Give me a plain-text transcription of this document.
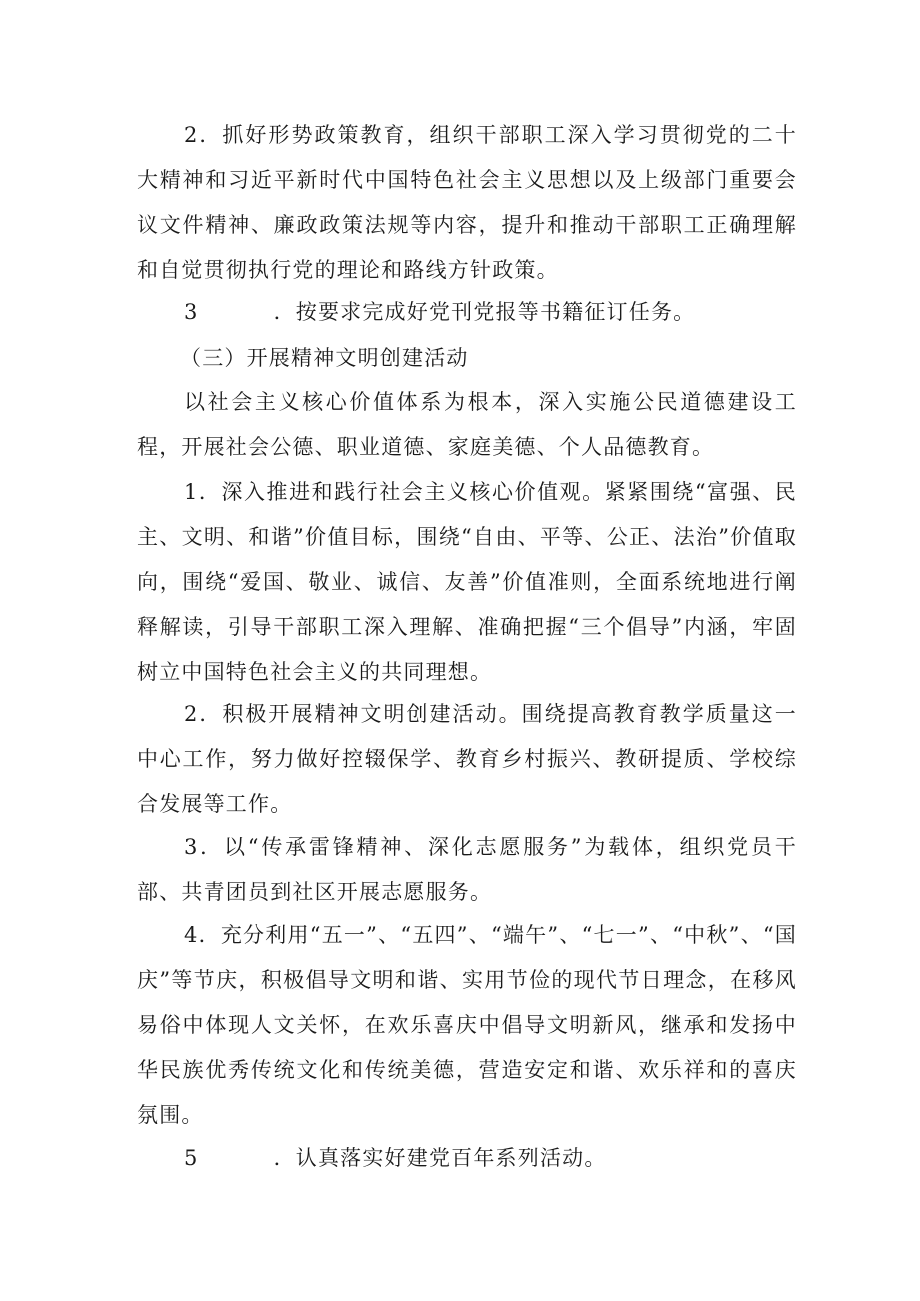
2．抓好形势政策教育，组织干部职工深入学习贯彻党的二十大精神和习近平新时代中国特色社会主义思想以及上级部门重要会议文件精神、廉政政策法规等内容，提升和推动干部职工正确理解和自觉贯彻执行党的理论和路线方针政策。

3	．按要求完成好党刊党报等书籍征订任务。

（三）开展精神文明创建活动

以社会主义核心价值体系为根本，深入实施公民道德建设工程，开展社会公德、职业道德、家庭美德、个人品德教育。

1．深入推进和践行社会主义核心价值观。紧紧围绕“富强、民主、文明、和谐”价值目标，围绕“自由、平等、公正、法治”价值取向，围绕“爱国、敬业、诚信、友善”价值准则，全面系统地进行阐释解读，引导干部职工深入理解、准确把握“三个倡导”内涵，牢固树立中国特色社会主义的共同理想。

2．积极开展精神文明创建活动。围绕提高教育教学质量这一中心工作，努力做好控辍保学、教育乡村振兴、教研提质、学校综合发展等工作。

3．以“传承雷锋精神、深化志愿服务”为载体，组织党员干部、共青团员到社区开展志愿服务。

4．充分利用“五一”、“五四”、“端午”、“七一”、“中秋”、“国庆”等节庆，积极倡导文明和谐、实用节俭的现代节日理念，在移风易俗中体现人文关怀，在欢乐喜庆中倡导文明新风，继承和发扬中华民族优秀传统文化和传统美德，营造安定和谐、欢乐祥和的喜庆氛围。

5	．认真落实好建党百年系列活动。
